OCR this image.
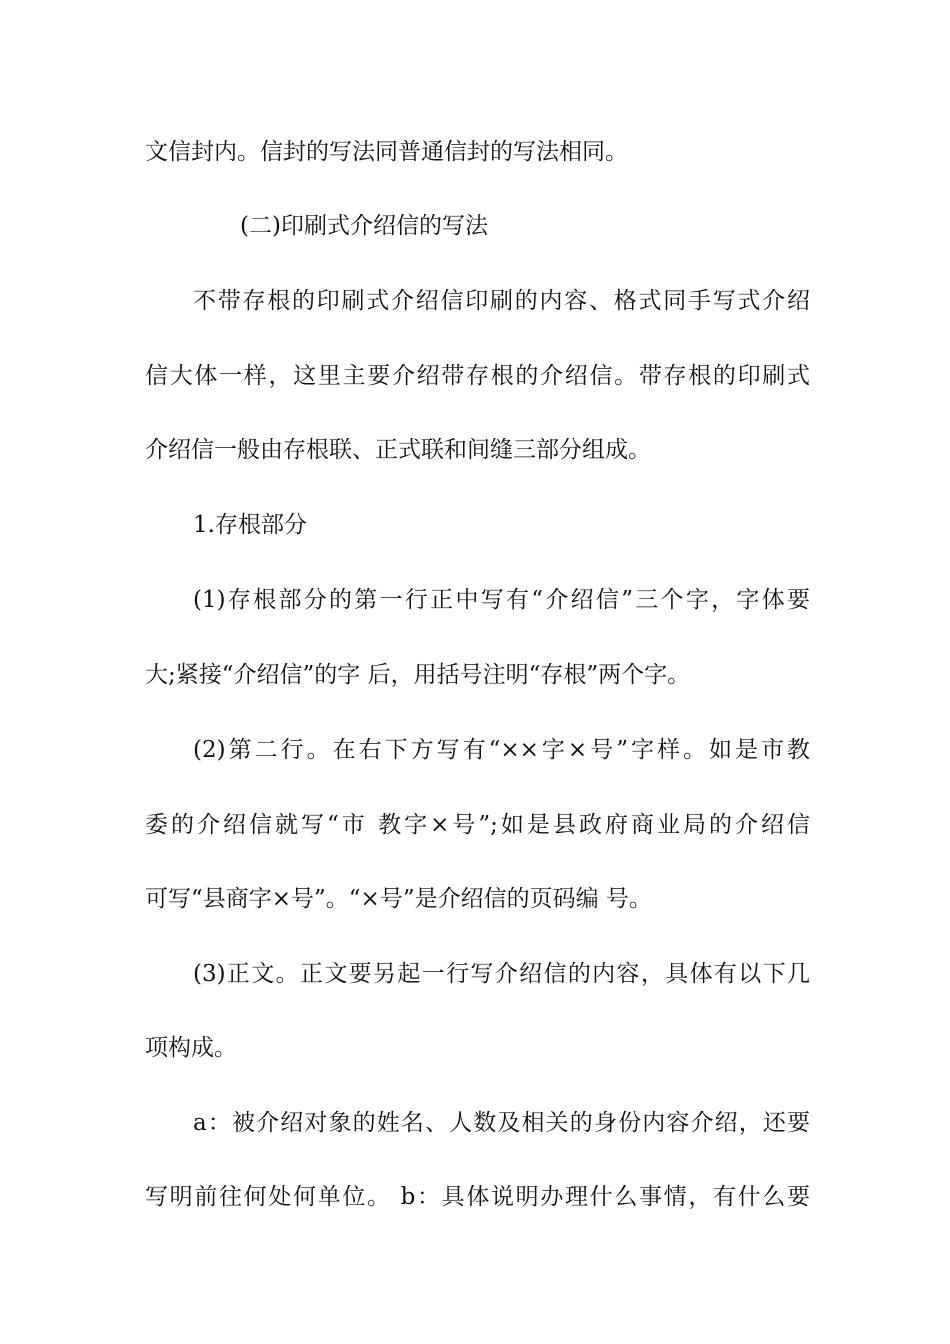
文信封内。信封的写法同普通信封的写法相同。
(二)印刷式介绍信的写法
不带存根的印刷式介绍信印刷的内容、格式同手写式介绍
信大体一样，这里主要介绍带存根的介绍信。带存根的印刷式
介绍信一般由存根联、正式联和间缝三部分组成。
1.存根部分
(1)存根部分的第一行正中写有“介绍信”三个字，字体要
大;紧接“介绍信”的字 后，用括号注明“存根”两个字。
(2)第二行。在右下方写有“××字×号”字样。如是市教
委的介绍信就写“市 教字×号”;如是县政府商业局的介绍信
可写“县商字×号”。“×号”是介绍信的页码编 号。
(3)正文。正文要另起一行写介绍信的内容，具体有以下几
项构成。
a：被介绍对象的姓名、人数及相关的身份内容介绍，还要
写明前往何处何单位。 b：具体说明办理什么事情，有什么要
